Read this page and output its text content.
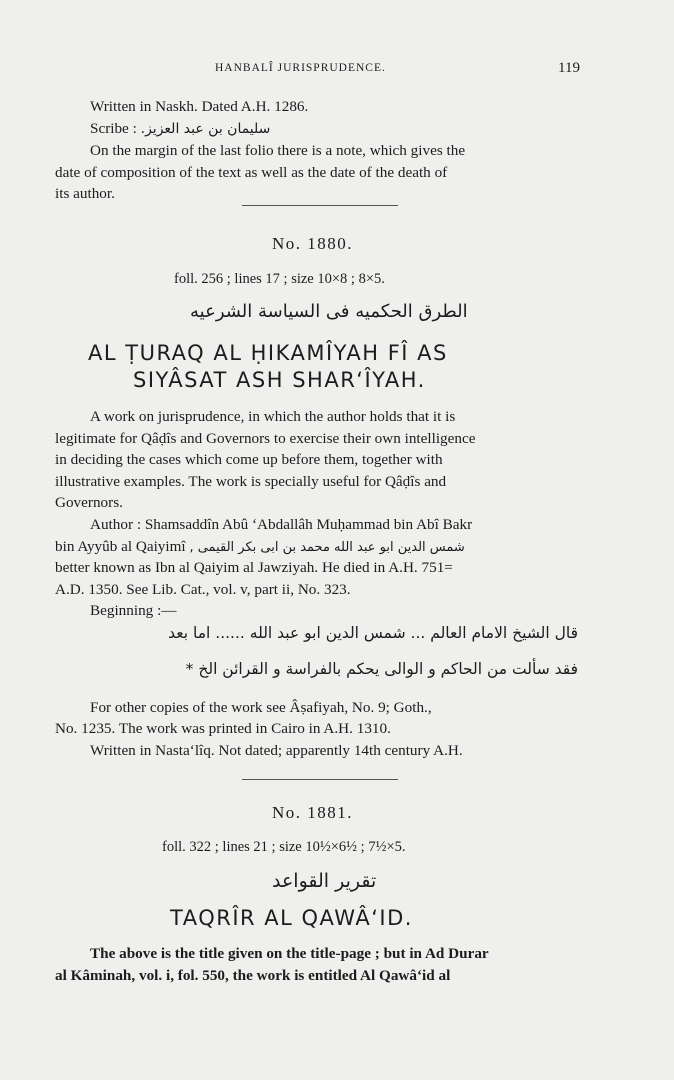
HANBALÎ JURISPRUDENCE.	119
Written in Naskh. Dated A.H. 1286.
Scribe : سلیمان بن عبد العزیز.
On the margin of the last folio there is a note, which gives the
date of composition of the text as well as the date of the death of
its author.
No. 1880.
foll. 256 ; lines 17 ; size 10×8 ; 8×5.
الطرق الحکمیه فی السیاسة الشرعیه
AL ṬURAQ AL ḤIKAMÎYAH FÎ AS
SIYÂSAT ASH SHAR‘ÎYAH.
A work on jurisprudence, in which the author holds that it is
legitimate for Qâḍîs and Governors to exercise their own intelligence
in deciding the cases which come up before them, together with
illustrative examples. The work is specially useful for Qâḍîs and
Governors.
Author : Shamsaddîn Abû ‘Abdallâh Muḥammad bin Abî Bakr
bin Ayyûb al Qaiyimî شمس الدین ابو عبد الله محمد بن ابی بکر القیمی ,
better known as Ibn al Qaiyim al Jawziyah. He died in A.H. 751=
A.D. 1350. See Lib. Cat., vol. v, part ii, No. 323.
Beginning :—
قال الشیخ الامام العالم ... شمس الدین ابو عبد الله ...... اما بعد
فقد سألت من الحاکم و الوالی یحکم بالفراسة و القرائن الخ *
For other copies of the work see Âṣafiyah, No. 9; Goth.,
No. 1235. The work was printed in Cairo in A.H. 1310.
Written in Nasta‘lîq. Not dated; apparently 14th century A.H.
No. 1881.
foll. 322 ; lines 21 ; size 10½×6½ ; 7½×5.
تقریر القواعد
TAQRÎR AL QAWÂ‘ID.
The above is the title given on the title-page ; but in Ad Durar
al Kâminah, vol. i, fol. 550, the work is entitled Al Qawâ‘id al
